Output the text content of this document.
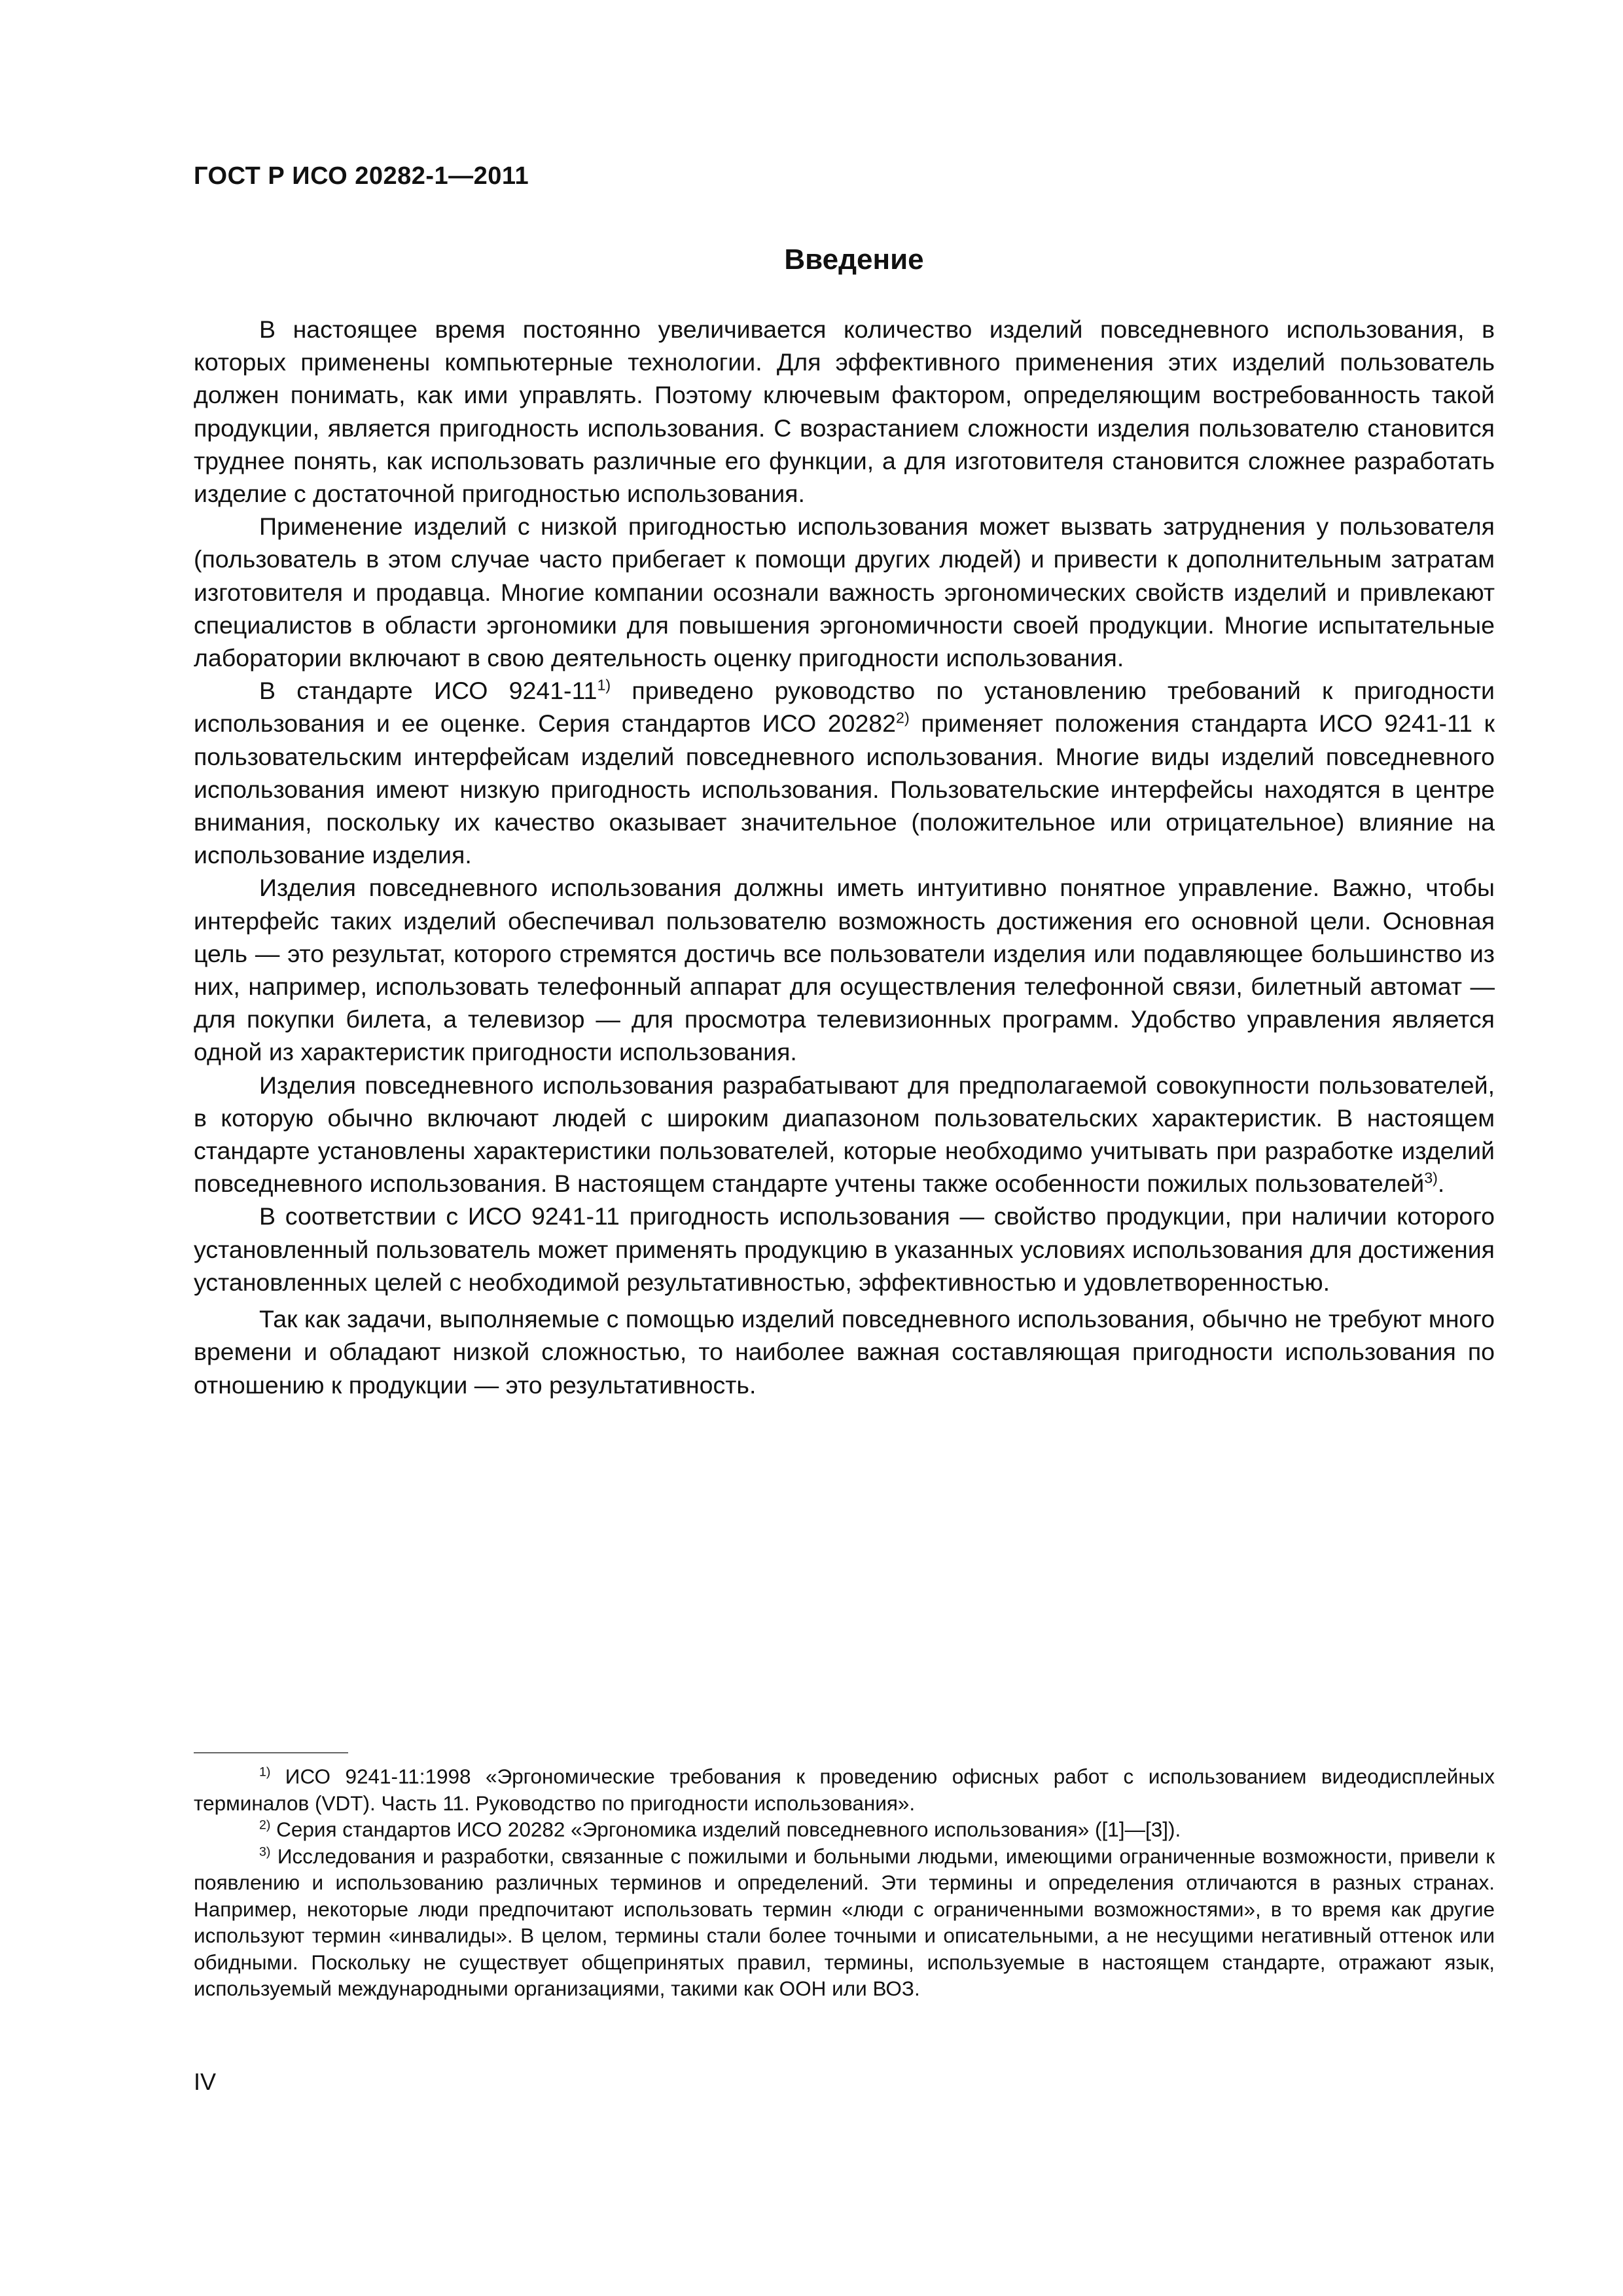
ГОСТ Р ИСО 20282-1—2011
Введение

В настоящее время постоянно увеличивается количество изделий повседневного использования, в которых применены компьютерные технологии. Для эффективного применения этих изделий пользователь должен понимать, как ими управлять. Поэтому ключевым фактором, определяющим востребованность такой продукции, является пригодность использования. С возрастанием сложности изделия пользователю становится труднее понять, как использовать различные его функции, а для изготовителя становится сложнее разработать изделие с достаточной пригодностью использования.

Применение изделий с низкой пригодностью использования может вызвать затруднения у пользователя (пользователь в этом случае часто прибегает к помощи других людей) и привести к дополнительным затратам изготовителя и продавца. Многие компании осознали важность эргономических свойств изделий и привлекают специалистов в области эргономики для повышения эргономичности своей продукции. Многие испытательные лаборатории включают в свою деятельность оценку пригодности использования.

В стандарте ИСО 9241-11$^{1)}$ приведено руководство по установлению требований к пригодности использования и ее оценке. Серия стандартов ИСО 20282$^{2)}$ применяет положения стандарта ИСО 9241-11 к пользовательским интерфейсам изделий повседневного использования. Многие виды изделий повседневного использования имеют низкую пригодность использования. Пользовательские интерфейсы находятся в центре внимания, поскольку их качество оказывает значительное (положительное или отрицательное) влияние на использование изделия.

Изделия повседневного использования должны иметь интуитивно понятное управление. Важно, чтобы интерфейс таких изделий обеспечивал пользователю возможность достижения его основной цели. Основная цель — это результат, которого стремятся достичь все пользователи изделия или подавляющее большинство из них, например, использовать телефонный аппарат для осуществления телефонной связи, билетный автомат — для покупки билета, а телевизор — для просмотра телевизионных программ. Удобство управления является одной из характеристик пригодности использования.

Изделия повседневного использования разрабатывают для предполагаемой совокупности пользователей, в которую обычно включают людей с широким диапазоном пользовательских характеристик. В настоящем стандарте установлены характеристики пользователей, которые необходимо учитывать при разработке изделий повседневного использования. В настоящем стандарте учтены также особенности пожилых пользователей$^{3)}$.

В соответствии с ИСО 9241-11 пригодность использования — свойство продукции, при наличии которого установленный пользователь может применять продукцию в указанных условиях использования для достижения установленных целей с необходимой результативностью, эффективностью и удовлетворенностью.

Так как задачи, выполняемые с помощью изделий повседневного использования, обычно не требуют много времени и обладают низкой сложностью, то наиболее важная составляющая пригодности использования по отношению к продукции — это результативность.

$^{1)}$ ИСО 9241-11:1998 «Эргономические требования к проведению офисных работ с использованием видеодисплейных терминалов (VDT). Часть 11. Руководство по пригодности использования».

$^{2)}$ Серия стандартов ИСО 20282 «Эргономика изделий повседневного использования» ([1]—[3]).

$^{3)}$ Исследования и разработки, связанные с пожилыми и больными людьми, имеющими ограниченные возможности, привели к появлению и использованию различных терминов и определений. Эти термины и определения отличаются в разных странах. Например, некоторые люди предпочитают использовать термин «люди с ограниченными возможностями», в то время как другие используют термин «инвалиды». В целом, термины стали более точными и описательными, а не несущими негативный оттенок или обидными. Поскольку не существует общепринятых правил, термины, используемые в настоящем стандарте, отражают язык, используемый международными организациями, такими как ООН или ВОЗ.

IV
